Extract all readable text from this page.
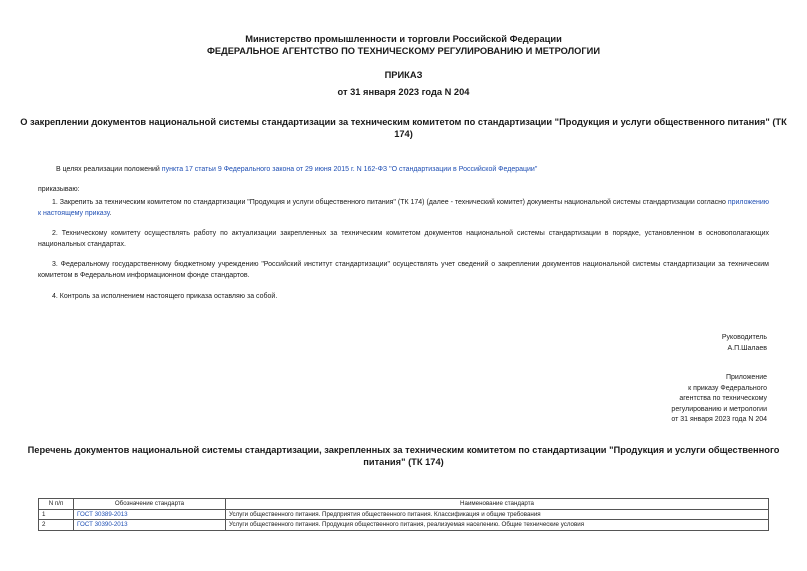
Министерство промышленности и торговли Российской Федерации
ФЕДЕРАЛЬНОЕ АГЕНТСТВО ПО ТЕХНИЧЕСКОМУ РЕГУЛИРОВАНИЮ И МЕТРОЛОГИИ
ПРИКАЗ
от 31 января 2023 года N 204
О закреплении документов национальной системы стандартизации за техническим комитетом по стандартизации "Продукция и услуги общественного питания" (ТК
174)
В целях реализации положений пункта 17 статьи 9 Федерального закона от 29 июня 2015 г. N 162-ФЗ "О стандартизации в Российской Федерации"
приказываю:
1. Закрепить за техническим комитетом по стандартизации "Продукция и услуги общественного питания" (ТК 174) (далее - технический комитет) документы национальной системы стандартизации согласно приложению к настоящему приказу.
2. Техническому комитету осуществлять работу по актуализации закрепленных за техническим комитетом документов национальной системы стандартизации в порядке, установленном в основополагающих национальных стандартах.
3. Федеральному государственному бюджетному учреждению "Российский институт стандартизации" осуществлять учет сведений о закреплении документов национальной системы стандартизации за техническим комитетом в Федеральном информационном фонде стандартов.
4. Контроль за исполнением настоящего приказа оставляю за собой.
Руководитель
А.П.Шалаев
Приложение
к приказу Федерального
агентства по техническому
регулированию и метрологии
от 31 января 2023 года N 204
Перечень документов национальной системы стандартизации, закрепленных за техническим комитетом по стандартизации "Продукция и услуги общественного
питания" (ТК 174)
N п/п	Обозначение стандарта	Наименование стандарта
1	ГОСТ 30389-2013	Услуги общественного питания. Предприятия общественного питания. Классификация и общие требования
2	ГОСТ 30390-2013	Услуги общественного питания. Продукция общественного питания, реализуемая населению. Общие технические условия
